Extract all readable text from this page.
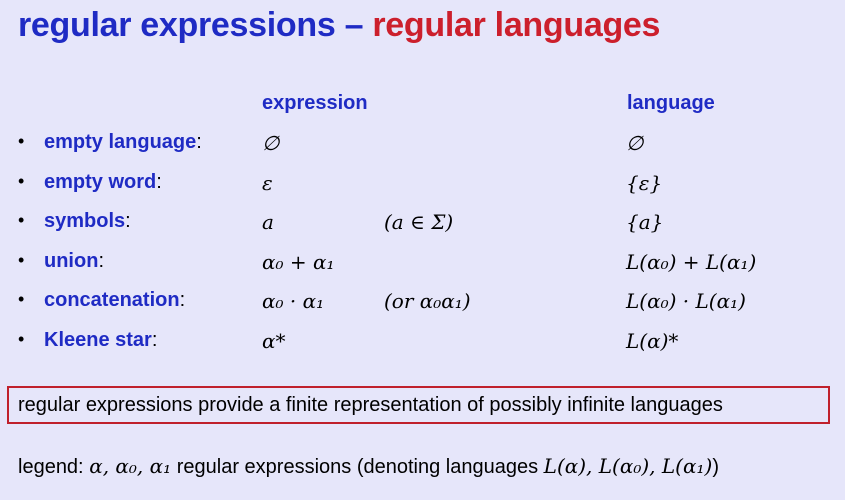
regular expressions – regular languages
expression	language
• empty language:	∅	∅
• empty word:	ε	{ε}
• symbols:	a	(a ∈ Σ)	{a}
• union:	α₀ + α₁	L(α₀) + L(α₁)
• concatenation:	α₀ · α₁	(or α₀α₁)	L(α₀) · L(α₁)
• Kleene star:	α*	L(α)*
regular expressions provide a finite representation of possibly infinite languages
legend: α, α₀, α₁ regular expressions (denoting languages L(α), L(α₀), L(α₁))
